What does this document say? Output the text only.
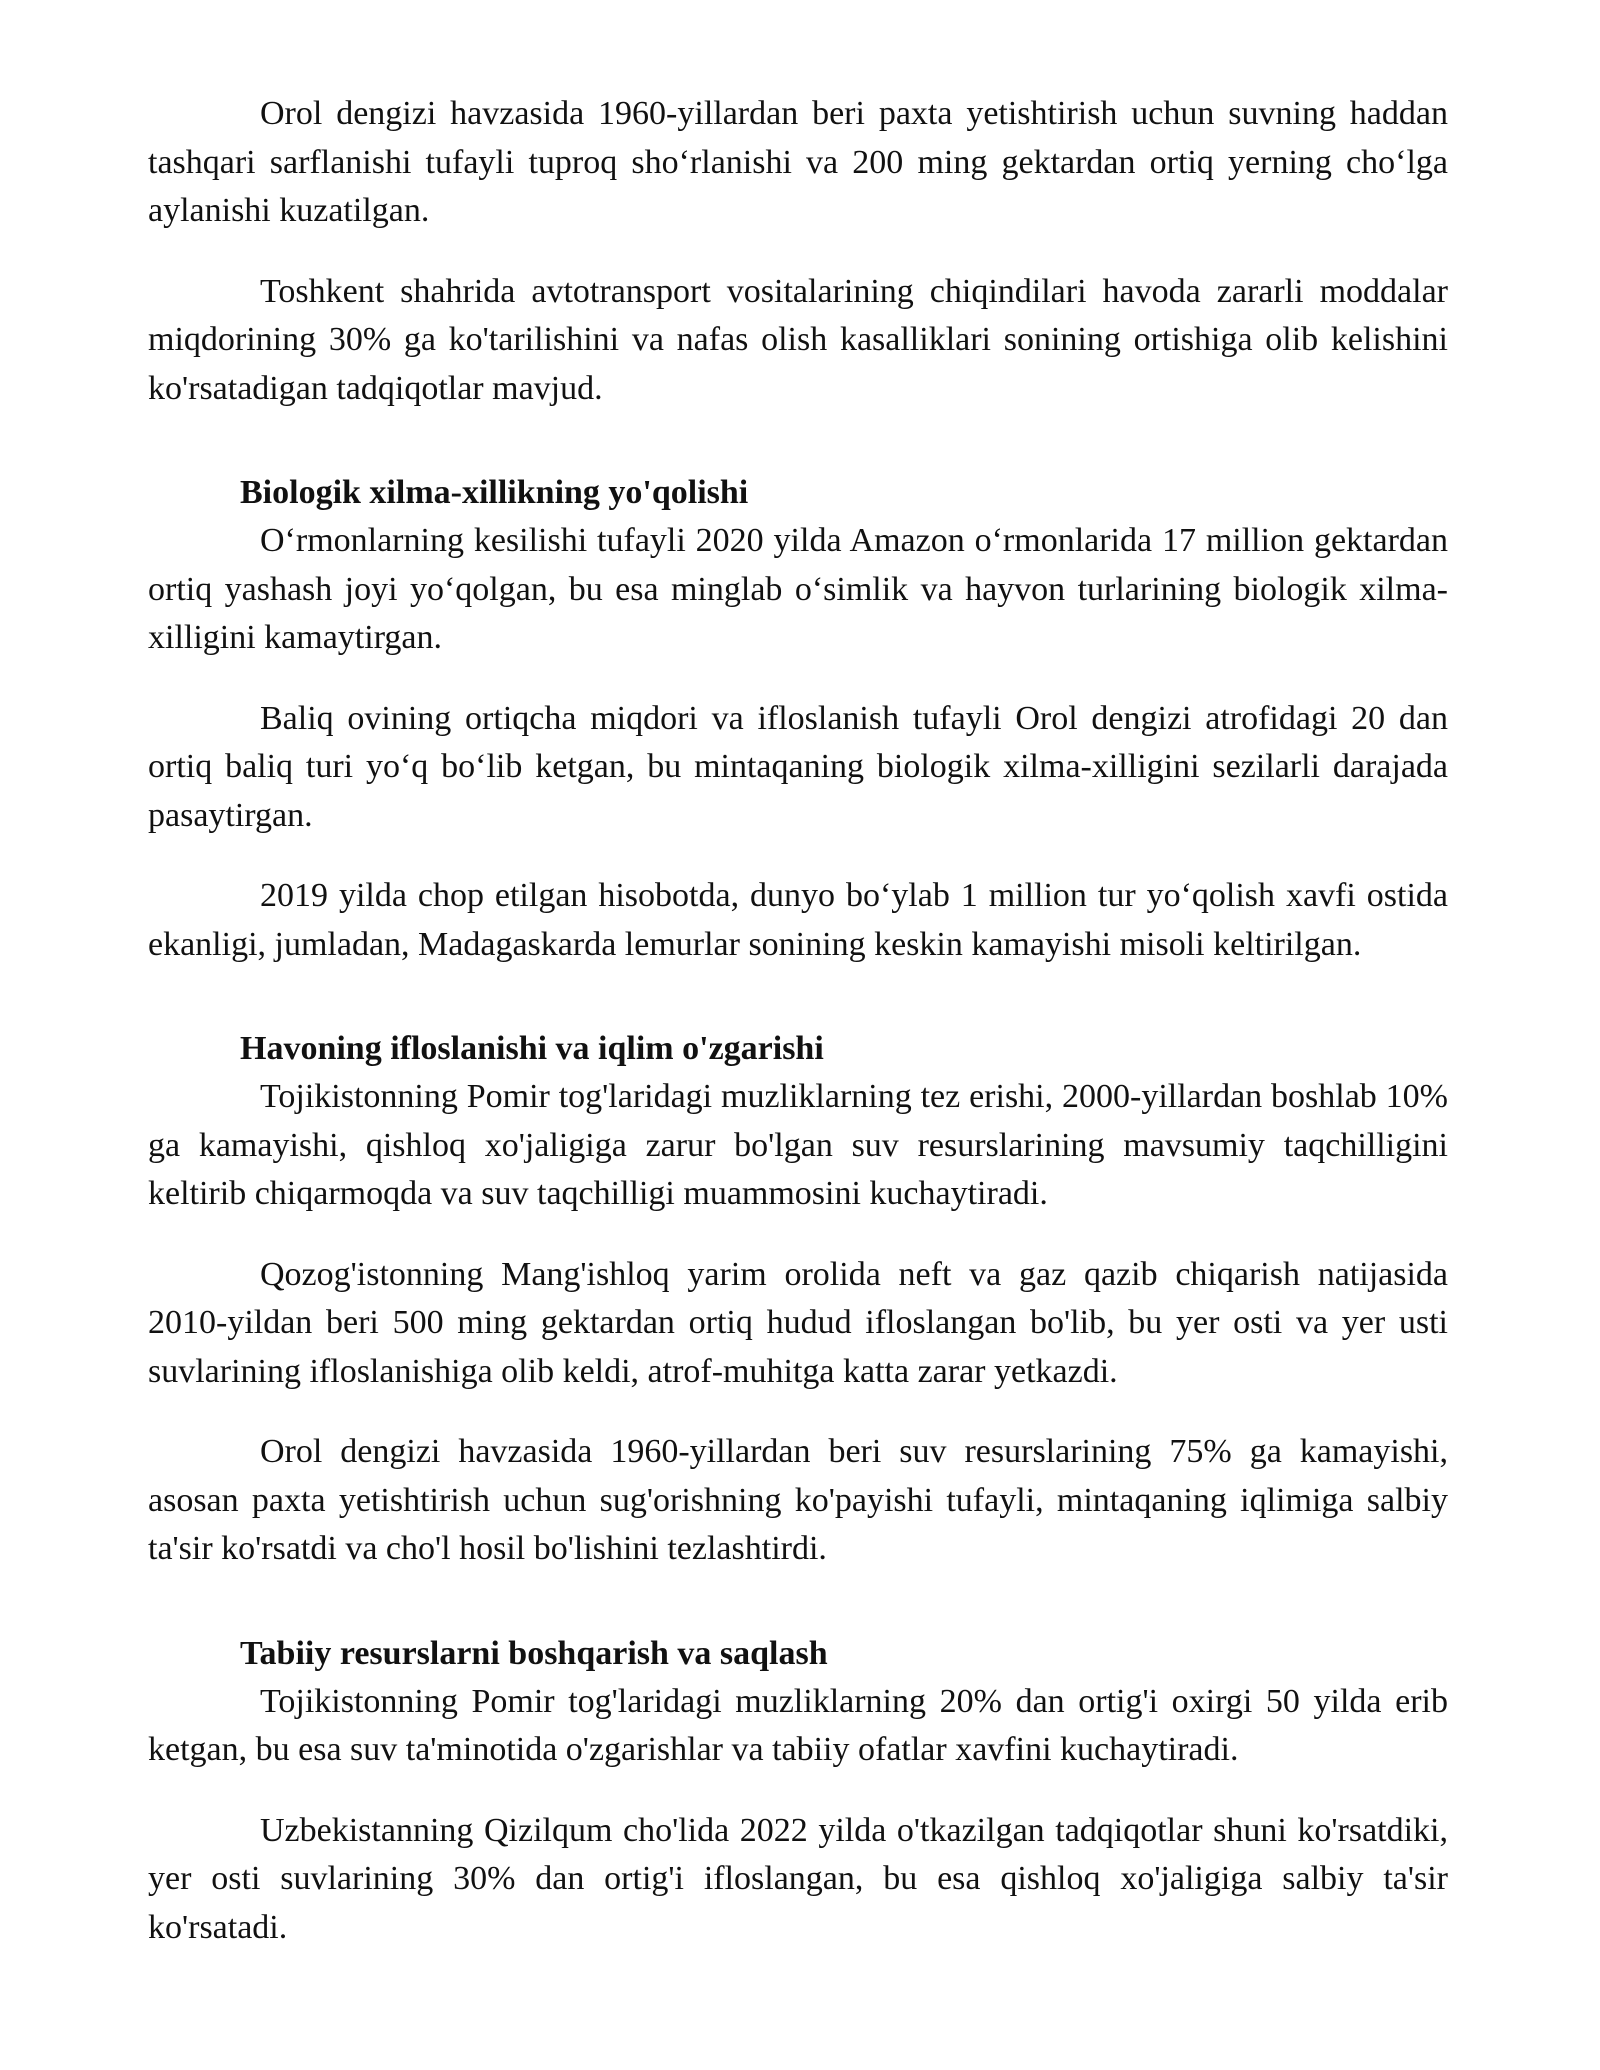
Orol dengizi havzasida 1960-yillardan beri paxta yetishtirish uchun suvning haddan tashqari sarflanishi tufayli tuproq sho‘rlanishi va 200 ming gektardan ortiq yerning cho‘lga aylanishi kuzatilgan.

Toshkent shahrida avtotransport vositalarining chiqindilari havoda zararli moddalar miqdorining 30% ga ko'tarilishini va nafas olish kasalliklari sonining ortishiga olib kelishini ko'rsatadigan tadqiqotlar mavjud.

Biologik xilma-xillikning yo'qolishi

O‘rmonlarning kesilishi tufayli 2020 yilda Amazon o‘rmonlarida 17 million gektardan ortiq yashash joyi yo‘qolgan, bu esa minglab o‘simlik va hayvon turlarining biologik xilma-xilligini kamaytirgan.

Baliq ovining ortiqcha miqdori va ifloslanish tufayli Orol dengizi atrofidagi 20 dan ortiq baliq turi yo‘q bo‘lib ketgan, bu mintaqaning biologik xilma-xilligini sezilarli darajada pasaytirgan.

2019 yilda chop etilgan hisobotda, dunyo bo‘ylab 1 million tur yo‘qolish xavfi ostida ekanligi, jumladan, Madagaskarda lemurlar sonining keskin kamayishi misoli keltirilgan.

Havoning ifloslanishi va iqlim o'zgarishi

Tojikistonning Pomir tog'laridagi muzliklarning tez erishi, 2000-yillardan boshlab 10% ga kamayishi, qishloq xo'jaligiga zarur bo'lgan suv resurslarining mavsumiy taqchilligini keltirib chiqarmoqda va suv taqchilligi muammosini kuchaytiradi.

Qozog'istonning Mang'ishloq yarim orolida neft va gaz qazib chiqarish natijasida 2010-yildan beri 500 ming gektardan ortiq hudud ifloslangan bo'lib, bu yer osti va yer usti suvlarining ifloslanishiga olib keldi, atrof-muhitga katta zarar yetkazdi.

Orol dengizi havzasida 1960-yillardan beri suv resurslarining 75% ga kamayishi, asosan paxta yetishtirish uchun sug'orishning ko'payishi tufayli, mintaqaning iqlimiga salbiy ta'sir ko'rsatdi va cho'l hosil bo'lishini tezlashtirdi.

Tabiiy resurslarni boshqarish va saqlash

Tojikistonning Pomir tog'laridagi muzliklarning 20% dan ortig'i oxirgi 50 yilda erib ketgan, bu esa suv ta'minotida o'zgarishlar va tabiiy ofatlar xavfini kuchaytiradi.

Uzbekistanning Qizilqum cho'lida 2022 yilda o'tkazilgan tadqiqotlar shuni ko'rsatdiki, yer osti suvlarining 30% dan ortig'i ifloslangan, bu esa qishloq xo'jaligiga salbiy ta'sir ko'rsatadi.
